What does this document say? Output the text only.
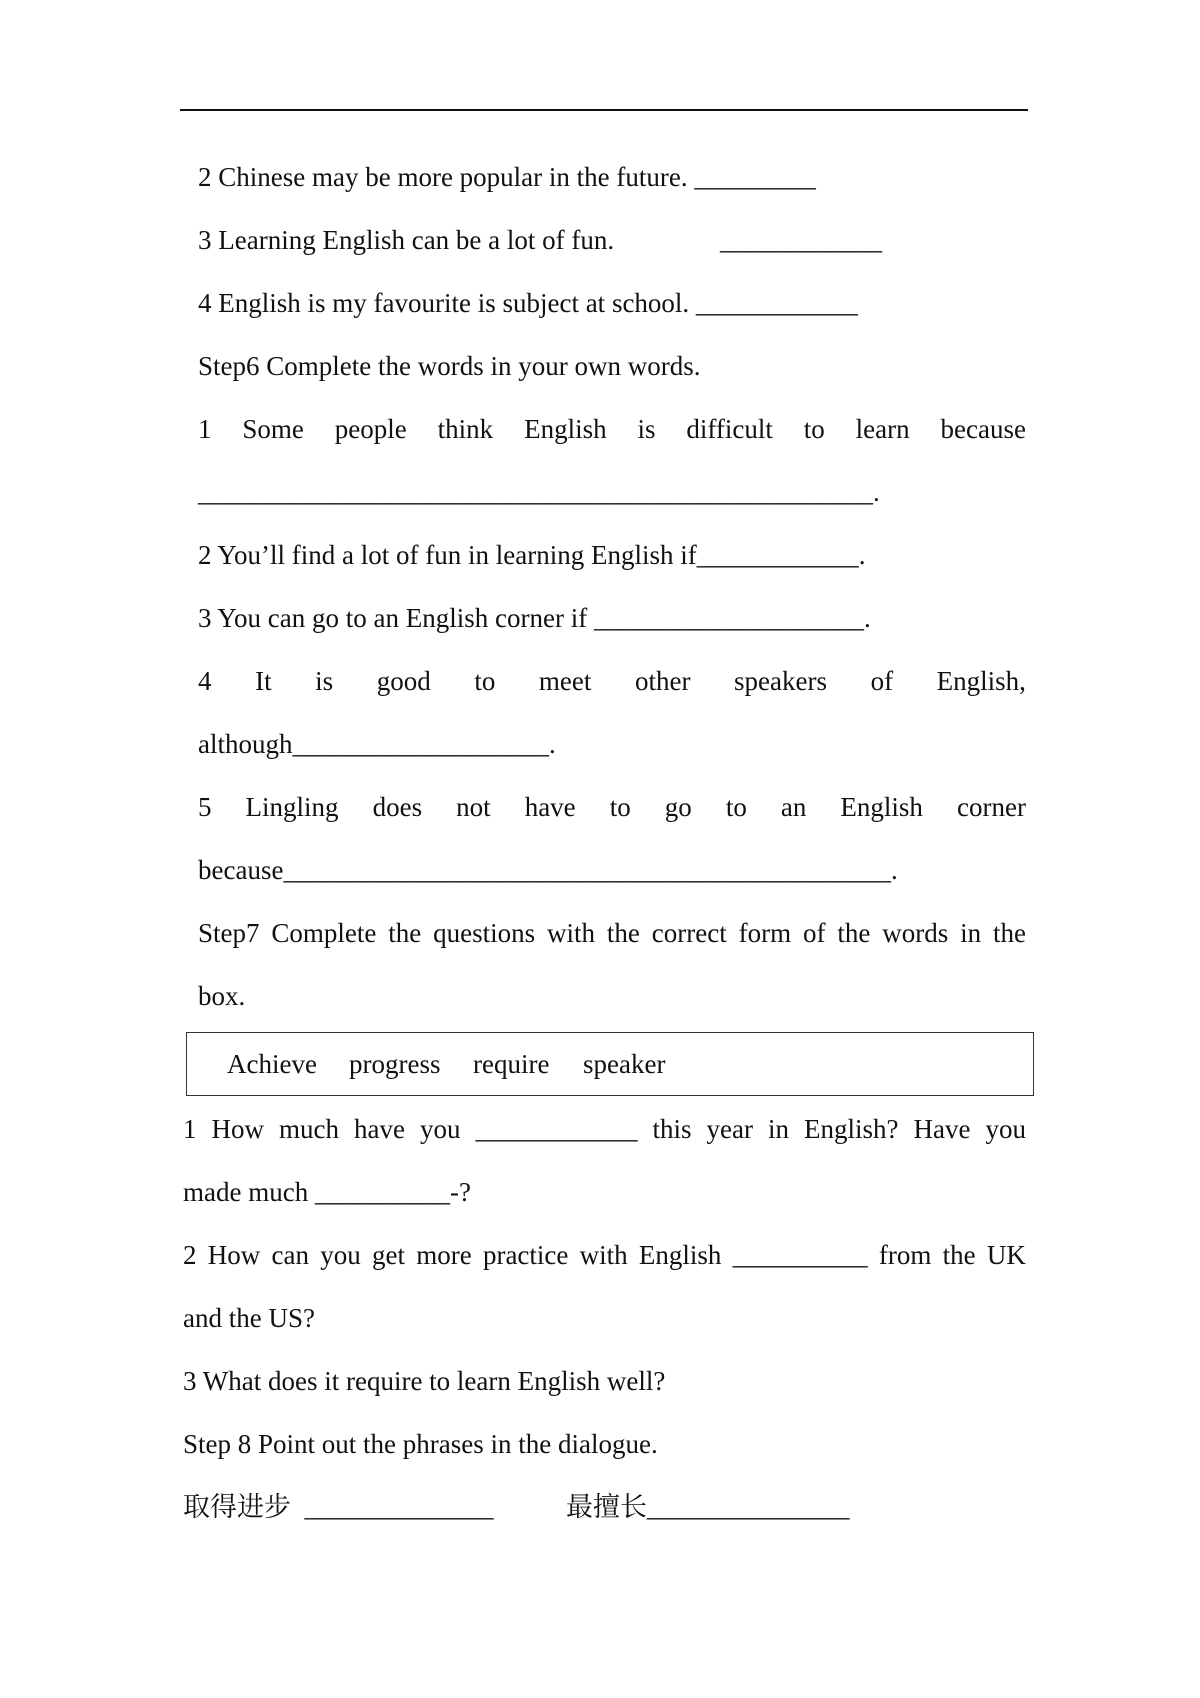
2 Chinese may be more popular in the future. _________
3 Learning English can be a lot of fun.	____________
4 English is my favourite is subject at school. ____________
Step6 Complete the words in your own words.
1 Some people think English is difficult to learn because
__________________________________________________.
2 You’ll find a lot of fun in learning English if____________.
3 You can go to an English corner if ____________________.
4 It is good to meet other speakers of English,
although___________________.
5 Lingling does not have to go to an English corner
because_____________________________________________.
Step7 Complete the questions with the correct form of the words in the
box.
Achieve progress require speaker
1 How much have you ____________ this year in English? Have you
made much __________-?
2 How can you get more practice with English __________ from the UK
and the US?
3 What does it require to learn English well?
Step 8 Point out the phrases in the dialogue.
取得进步  ______________	最擅长_______________
